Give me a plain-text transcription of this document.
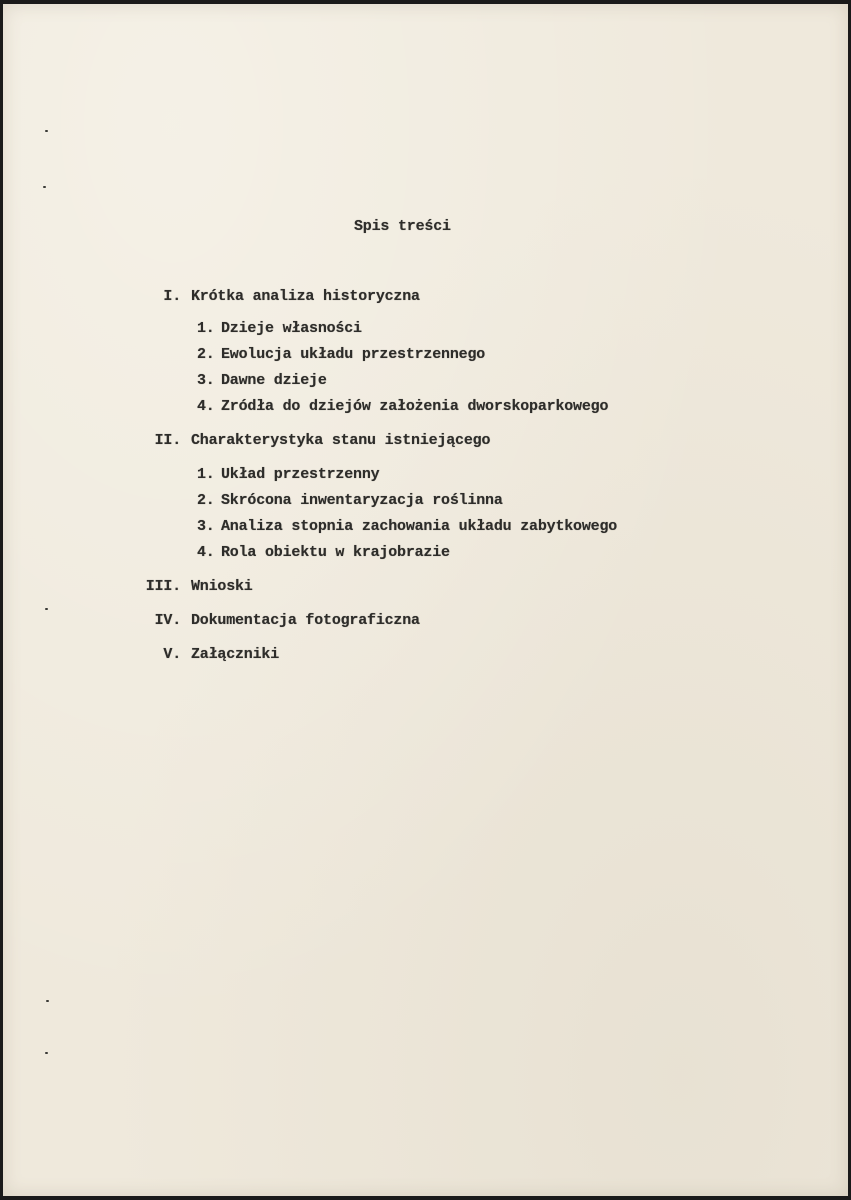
Spis treści
I. Krótka analiza historyczna
1. Dzieje własności
2. Ewolucja układu przestrzennego
3. Dawne dzieje
4. Zródła do dziejów założenia dworskoparkowego
II. Charakterystyka stanu istniejącego
1. Układ przestrzenny
2. Skrócona inwentaryzacja roślinna
3. Analiza stopnia zachowania układu zabytkowego
4. Rola obiektu w krajobrazie
III. Wnioski
IV. Dokumentacja fotograficzna
V. Załączniki
